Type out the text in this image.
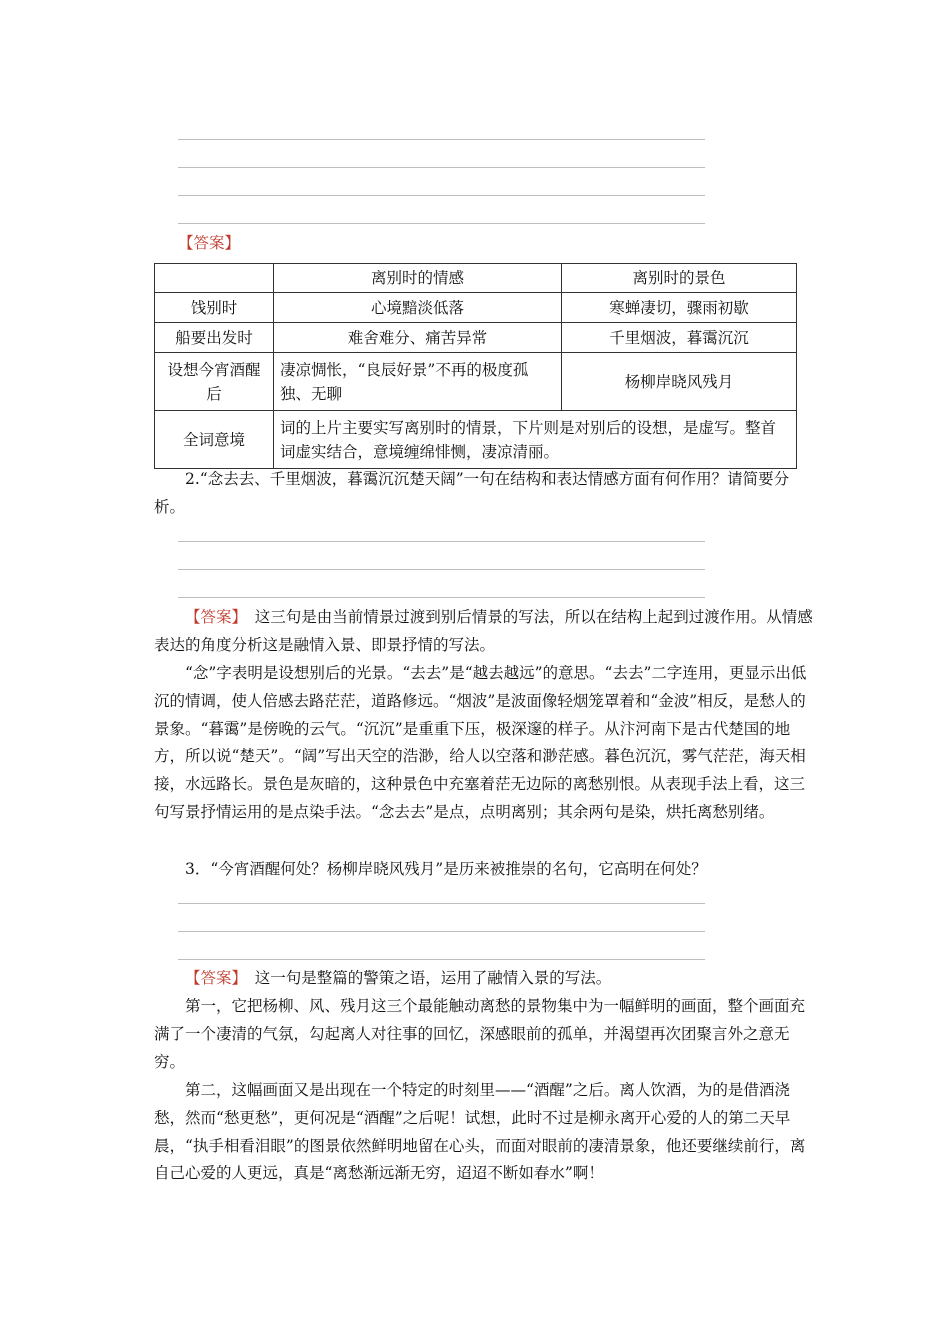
【答案】
	离别时的情感	离别时的景色
饯别时	心境黯淡低落	寒蝉凄切，骤雨初歇
船要出发时	难舍难分、痛苦异常	千里烟波，暮霭沉沉
设想今宵酒醒后	凄凉惆怅，“良辰好景”不再的极度孤独、无聊	杨柳岸晓风残月
全词意境	词的上片主要实写离别时的情景，下片则是对别后的设想，是虚写。整首词虚实结合，意境缠绵悱恻，凄凉清丽。	

2.“念去去、千里烟波，暮霭沉沉楚天阔”一句在结构和表达情感方面有何作用？请简要分析。

【答案】　 这三句是由当前情景过渡到别后情景的写法，所以在结构上起到过渡作用。从情感表达的角度分析这是融情入景、即景抒情的写法。

“念”字表明是设想别后的光景。“去去”是“越去越远”的意思。“去去”二字连用，更显示出低沉的情调，使人倍感去路茫茫，道路修远。“烟波”是波面像轻烟笼罩着和“金波”相反，是愁人的景象。“暮霭”是傍晚的云气。“沉沉”是重重下压，极深邃的样子。从汴河南下是古代楚国的地方，所以说“楚天”。“阔”写出天空的浩渺，给人以空落和渺茫感。暮色沉沉，雾气茫茫，海天相接，水远路长。景色是灰暗的，这种景色中充塞着茫无边际的离愁别恨。从表现手法上看，这三句写景抒情运用的是点染手法。“念去去”是点，点明离别；其余两句是染，烘托离愁别绪。

3．“今宵酒醒何处？杨柳岸晓风残月”是历来被推崇的名句，它高明在何处？

【答案】　 这一句是整篇的警策之语，运用了融情入景的写法。

第一，它把杨柳、风、残月这三个最能触动离愁的景物集中为一幅鲜明的画面，整个画面充满了一个凄清的气氛，勾起离人对往事的回忆，深感眼前的孤单，并渴望再次团聚言外之意无穷。

第二，这幅画面又是出现在一个特定的时刻里——“酒醒”之后。离人饮酒，为的是借酒浇愁，然而“愁更愁”，更何况是“酒醒”之后呢！试想，此时不过是柳永离开心爱的人的第二天早晨，“执手相看泪眼”的图景依然鲜明地留在心头，而面对眼前的凄清景象，他还要继续前行，离自己心爱的人更远，真是“离愁渐远渐无穷，迢迢不断如春水”啊！
